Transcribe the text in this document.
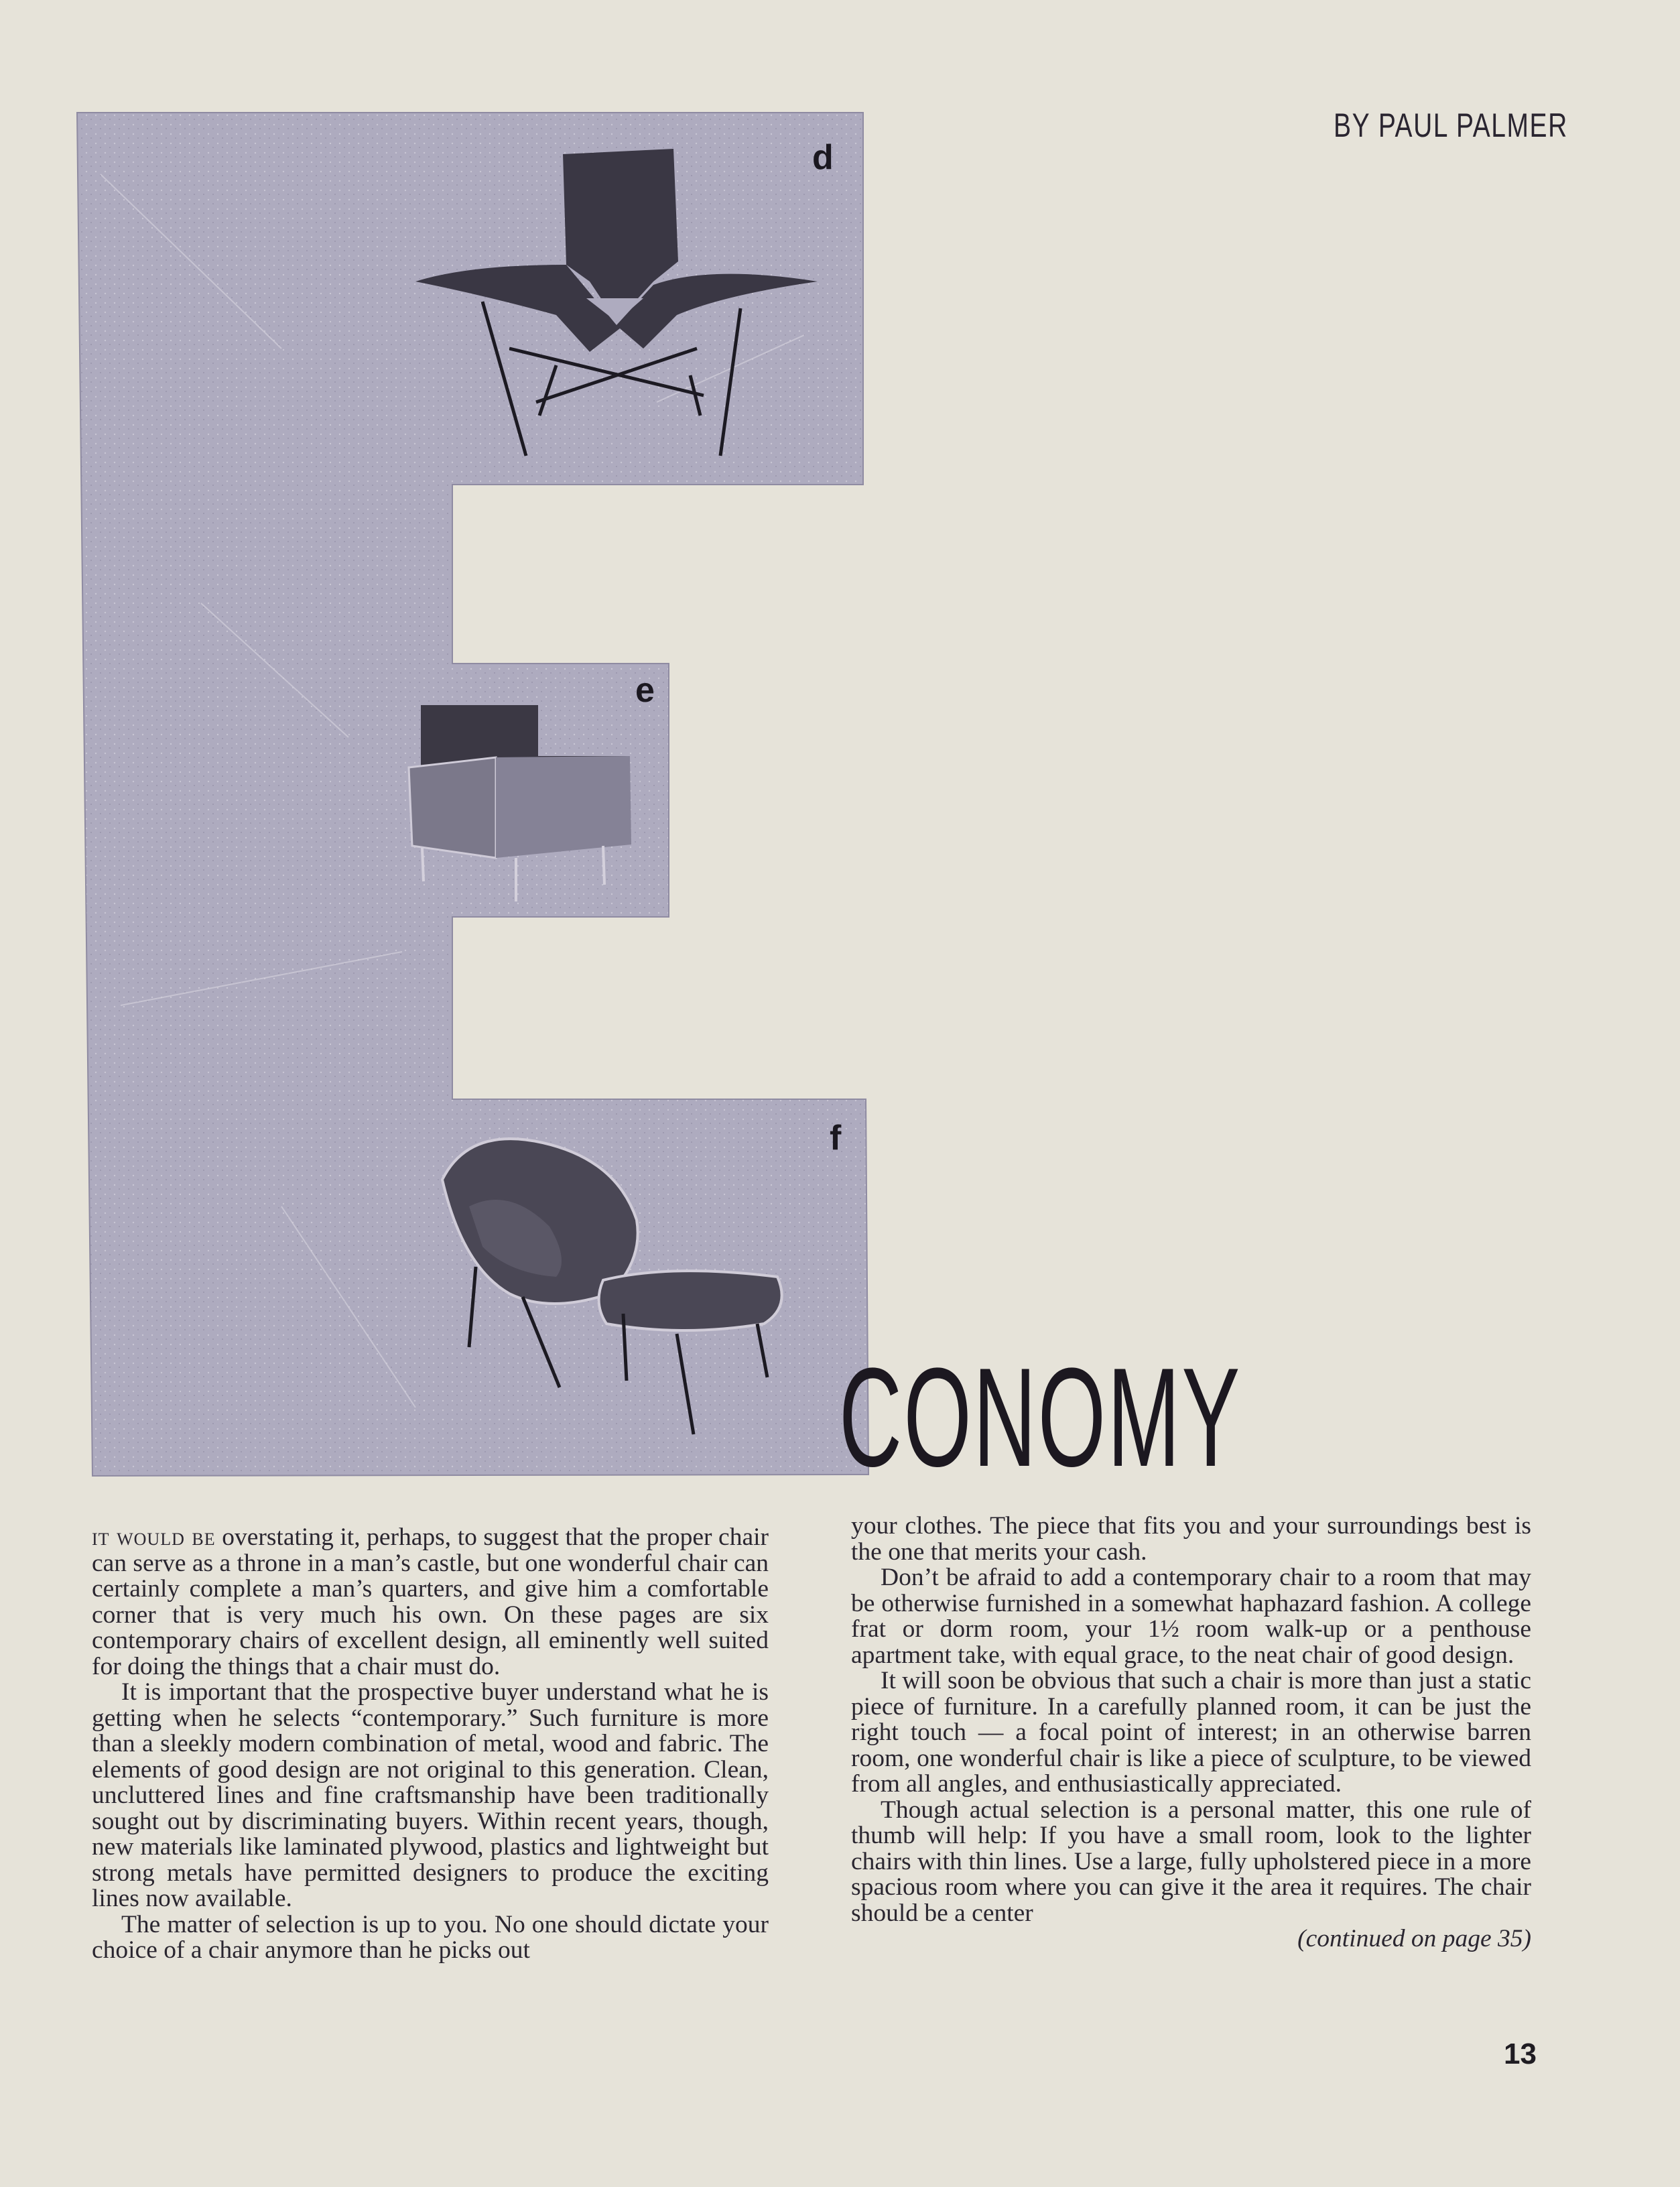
BY PAUL PALMER
d
e
f
CONOMY

it would be overstating it, perhaps, to suggest that the proper chair can serve as a throne in a man’s castle, but one wonderful chair can certainly complete a man’s quarters, and give him a comfortable corner that is very much his own. On these pages are six contemporary chairs of excellent design, all eminently well suited for doing the things that a chair must do.

It is important that the prospective buyer understand what he is getting when he selects “contemporary.” Such furniture is more than a sleekly modern combination of metal, wood and fabric. The elements of good design are not original to this generation. Clean, uncluttered lines and fine craftsmanship have been traditionally sought out by discriminating buyers. Within recent years, though, new materials like laminated plywood, plastics and lightweight but strong metals have permitted designers to produce the exciting lines now available.

The matter of selection is up to you. No one should dictate your choice of a chair anymore than he picks out

your clothes. The piece that fits you and your surroundings best is the one that merits your cash.

Don’t be afraid to add a contemporary chair to a room that may be otherwise furnished in a somewhat haphazard fashion. A college frat or dorm room, your 1½ room walk-up or a penthouse apartment take, with equal grace, to the neat chair of good design.

It will soon be obvious that such a chair is more than just a static piece of furniture. In a carefully planned room, it can be just the right touch — a focal point of interest; in an otherwise barren room, one wonderful chair is like a piece of sculpture, to be viewed from all angles, and enthusiastically appreciated.

Though actual selection is a personal matter, this one rule of thumb will help: If you have a small room, look to the lighter chairs with thin lines. Use a large, fully upholstered piece in a more spacious room where you can give it the area it requires. The chair should be a center

(continued on page 35)
13
